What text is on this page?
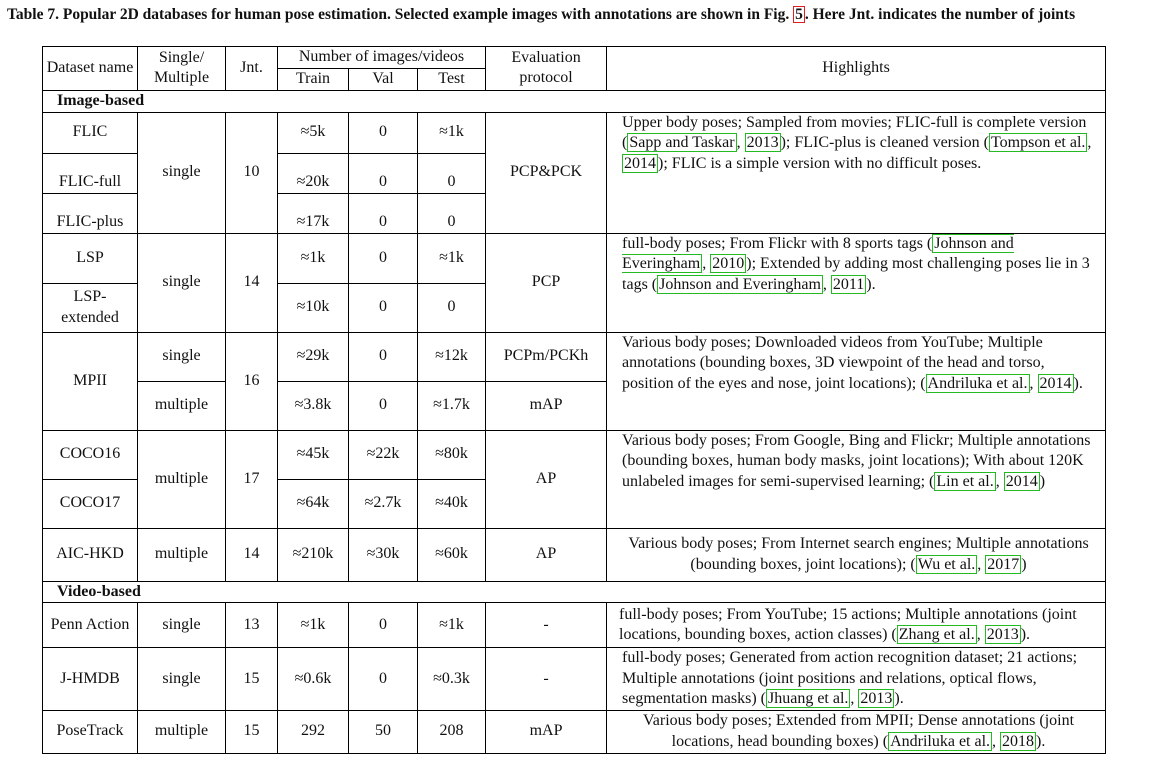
Table 7. Popular 2D databases for human pose estimation. Selected example images with annotations are shown in Fig. 5 . Here Jnt. indicates the number of joints
Dataset name	Single/ Multiple	Jnt.	Number of images/videos			Evaluation protocol	Highlights
			Train	Val	Test		
Image-based							
FLIC	single	10	≈5k	0	≈1k	PCP&PCK	Upper body poses; Sampled from movies; FLIC-full is complete version ( Sapp and Taskar , 2013 ); FLIC-plus is cleaned version ( Tompson et al. , 2014 ); FLIC is a simple version with no difficult poses.
FLIC-full			≈20k	0	0		
FLIC-plus			≈17k	0	0		
LSP	single	14	≈1k	0	≈1k	PCP	full-body poses; From Flickr with 8 sports tags ( Johnson and Everingham , 2010 ); Extended by adding most challenging poses lie in 3 tags ( Johnson and Everingham , 2011 ).
LSP-extended			≈10k	0	0		
MPII	single	16	≈29k	0	≈12k	PCPm/PCKh	Various body poses; Downloaded videos from YouTube; Multiple annotations (bounding boxes, 3D viewpoint of the head and torso, position of the eyes and nose, joint locations); ( Andriluka et al. , 2014 ).
	multiple		≈3.8k	0	≈1.7k	mAP	
COCO16	multiple	17	≈45k	≈22k	≈80k	AP	Various body poses; From Google, Bing and Flickr; Multiple annotations (bounding boxes, human body masks, joint locations); With about 120K unlabeled images for semi-supervised learning; ( Lin et al. , 2014 )
COCO17			≈64k	≈2.7k	≈40k		
AIC-HKD	multiple	14	≈210k	≈30k	≈60k	AP	Various body poses; From Internet search engines; Multiple annotations (bounding boxes, joint locations); ( Wu et al. , 2017 )
Video-based							
Penn Action	single	13	≈1k	0	≈1k	-	full-body poses; From YouTube; 15 actions; Multiple annotations (joint locations, bounding boxes, action classes) ( Zhang et al. , 2013 ).
J-HMDB	single	15	≈0.6k	0	≈0.3k	-	full-body poses; Generated from action recognition dataset; 21 actions; Multiple annotations (joint positions and relations, optical flows, segmentation masks) ( Jhuang et al. , 2013 ).
PoseTrack	multiple	15	292	50	208	mAP	Various body poses; Extended from MPII; Dense annotations (joint locations, head bounding boxes) ( Andriluka et al. , 2018 ).
